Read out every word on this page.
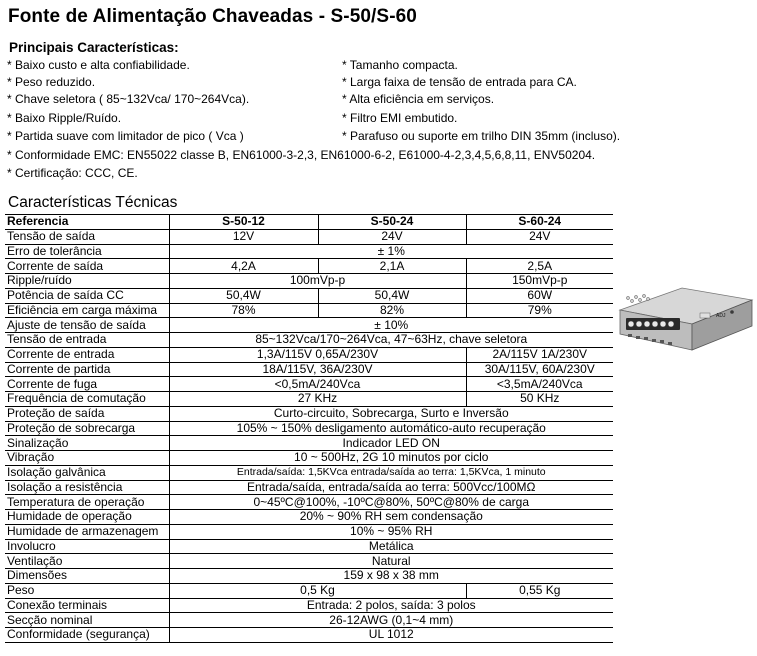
Fonte de Alimentação Chaveadas - S-50/S-60
Principais Características:
* Baixo custo e alta confiabilidade.
* Peso reduzido.
* Chave seletora ( 85~132Vca/ 170~264Vca).
* Baixo Ripple/Ruído.
* Partida suave com limitador de pico ( Vca )
* Tamanho compacta.
* Larga faixa de tensão de entrada para CA.
* Alta eficiência em serviços.
* Filtro EMI embutido.
* Parafuso ou suporte em trilho DIN 35mm (incluso).
* Conformidade EMC: EN55022 classe B, EN61000-3-2,3, EN61000-6-2, E61000-4-2,3,4,5,6,8,11, ENV50204.
* Certificação: CCC, CE.
Características Técnicas
Referencia	S-50-12	S-50-24	S-60-24
Tensão de saída	12V	24V	24V
Erro de tolerância	± 1%		
Corrente de saída	4,2A	2,1A	2,5A
Ripple/ruído	100mVp-p		150mVp-p
Potência de saída CC	50,4W	50,4W	60W
Eficiência em carga máxima	78%	82%	79%
Ajuste de tensão de saída	± 10%		
Tensão de entrada	85~132Vca/170~264Vca, 47~63Hz, chave seletora		
Corrente de entrada	1,3A/115V 0,65A/230V		2A/115V 1A/230V
Corrente de partida	18A/115V, 36A/230V		30A/115V, 60A/230V
Corrente de fuga	<0,5mA/240Vca		<3,5mA/240Vca
Frequência de comutação	27 KHz		50 KHz
Proteção de saída	Curto-circuito, Sobrecarga, Surto e Inversão		
Proteção de sobrecarga	105% ~ 150% desligamento automático-auto recuperação		
Sinalização	Indicador LED ON		
Vibração	10 ~ 500Hz, 2G 10 minutos por ciclo		
Isolação galvânica	Entrada/saída: 1,5KVca entrada/saída ao terra: 1,5KVca, 1 minuto		
Isolação a resistência	Entrada/saída, entrada/saída ao terra: 500Vcc/100MΩ		
Temperatura de operação	0~45ºC@100%, -10ºC@80%, 50ºC@80% de carga		
Humidade de operação	20% ~ 90% RH sem condensação		
Humidade de armazenagem	10% ~ 95% RH		
Involucro	Metálica		
Ventilação	Natural		
Dimensões	159 x 98 x 38 mm		
Peso	0,5 Kg		0,55 Kg
Conexão terminais	Entrada: 2 polos, saída: 3 polos		
Secção nominal	26-12AWG (0,1~4 mm)		
Conformidade (segurança)	UL 1012		
ADJ
